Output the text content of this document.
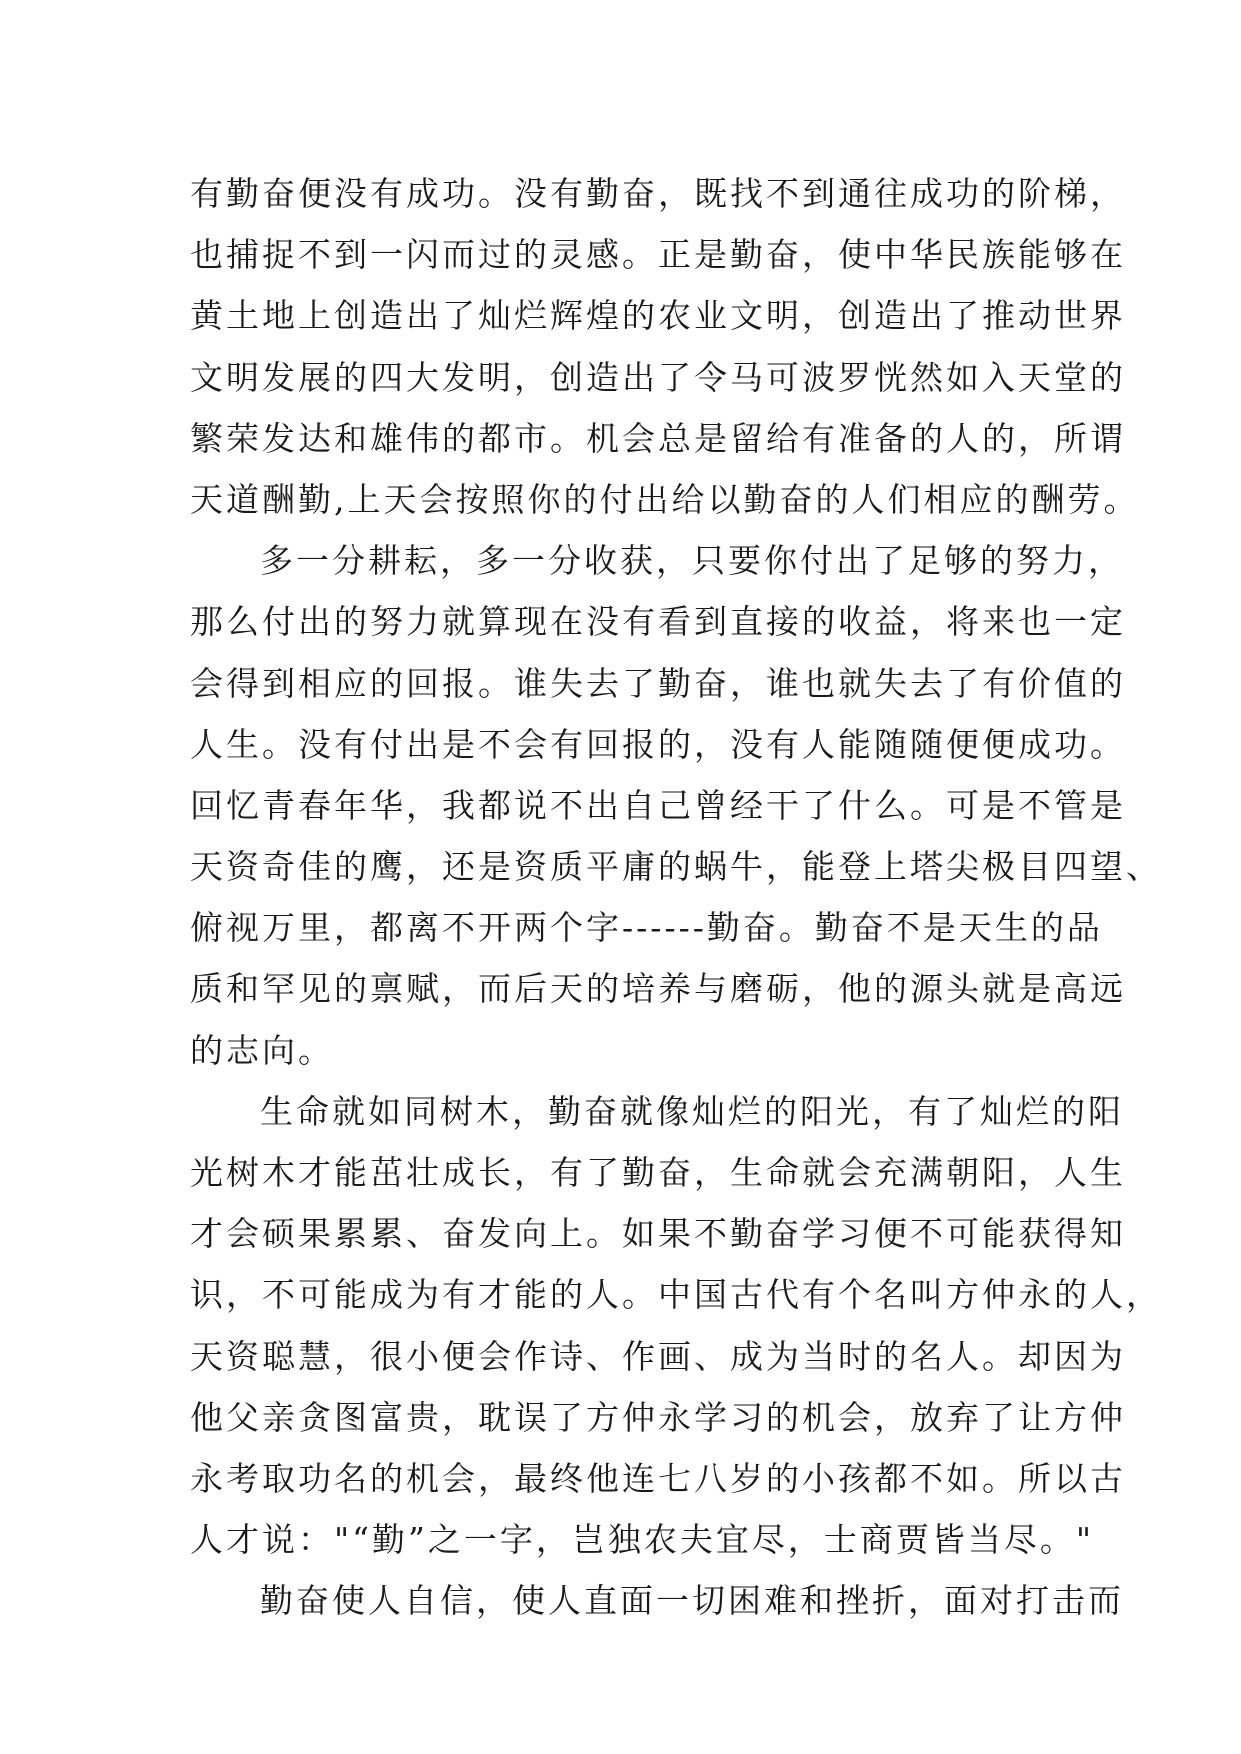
有勤奋便没有成功。没有勤奋，既找不到通往成功的阶梯，
也捕捉不到一闪而过的灵感。正是勤奋，使中华民族能够在
黄土地上创造出了灿烂辉煌的农业文明，创造出了推动世界
文明发展的四大发明，创造出了令马可波罗恍然如入天堂的
繁荣发达和雄伟的都市。机会总是留给有准备的人的，所谓
天道酬勤,上天会按照你的付出给以勤奋的人们相应的酬劳。
多一分耕耘，多一分收获，只要你付出了足够的努力，
那么付出的努力就算现在没有看到直接的收益，将来也一定
会得到相应的回报。谁失去了勤奋，谁也就失去了有价值的
人生。没有付出是不会有回报的，没有人能随随便便成功。
回忆青春年华，我都说不出自己曾经干了什么。可是不管是
天资奇佳的鹰，还是资质平庸的蜗牛，能登上塔尖极目四望、
俯视万里，都离不开两个字------勤奋。勤奋不是天生的品
质和罕见的禀赋，而后天的培养与磨砺，他的源头就是高远
的志向。
生命就如同树木，勤奋就像灿烂的阳光，有了灿烂的阳
光树木才能茁壮成长，有了勤奋，生命就会充满朝阳，人生
才会硕果累累、奋发向上。如果不勤奋学习便不可能获得知
识，不可能成为有才能的人。中国古代有个名叫方仲永的人，
天资聪慧，很小便会作诗、作画、成为当时的名人。却因为
他父亲贪图富贵，耽误了方仲永学习的机会，放弃了让方仲
永考取功名的机会，最终他连七八岁的小孩都不如。所以古
人才说："“勤”之一字，岂独农夫宜尽，士商贾皆当尽。"
勤奋使人自信，使人直面一切困难和挫折，面对打击而
